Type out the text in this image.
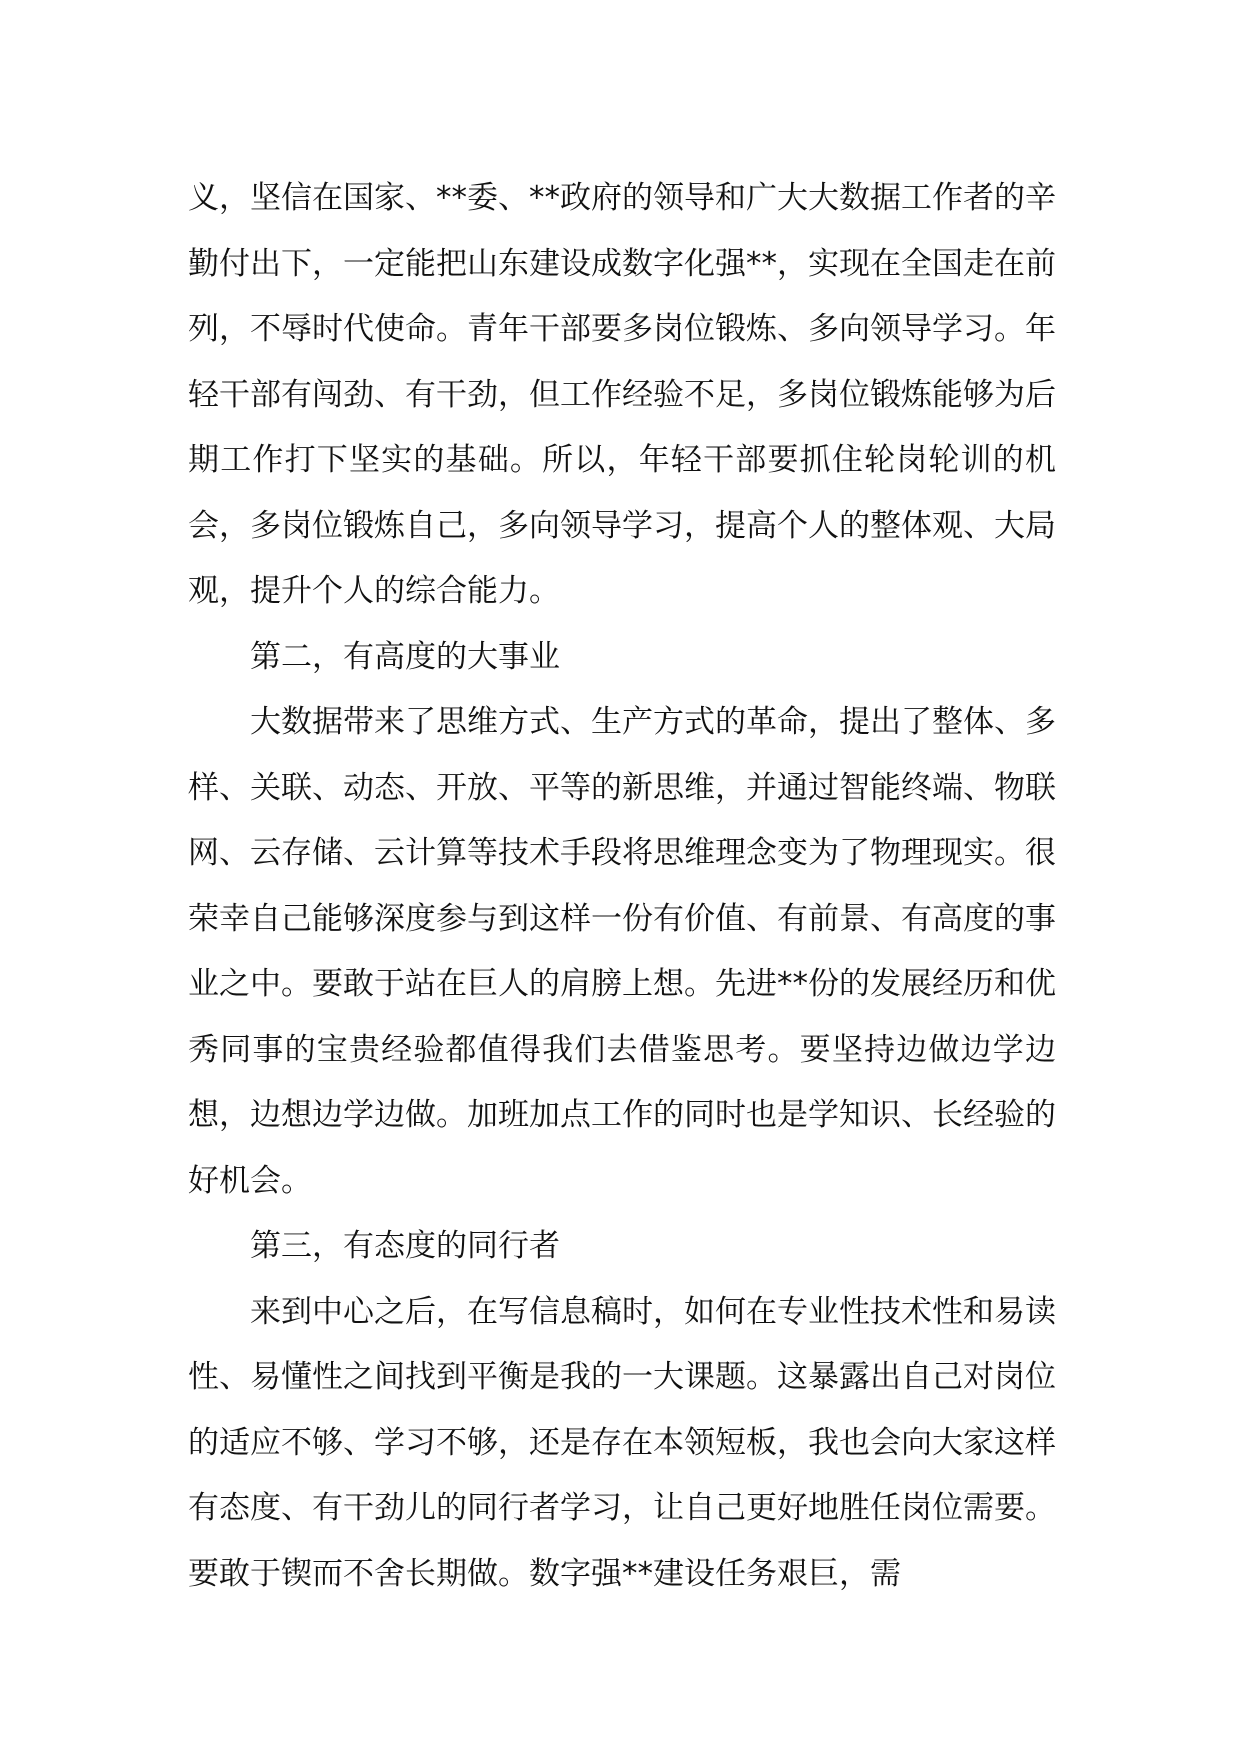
义，坚信在国家、**委、**政府的领导和广大大数据工作者的辛勤付出下，一定能把山东建设成数字化强**，实现在全国走在前列，不辱时代使命。青年干部要多岗位锻炼、多向领导学习。年轻干部有闯劲、有干劲，但工作经验不足，多岗位锻炼能够为后期工作打下坚实的基础。所以，年轻干部要抓住轮岗轮训的机会，多岗位锻炼自己，多向领导学习，提高个人的整体观、大局观，提升个人的综合能力。

第二，有高度的大事业

大数据带来了思维方式、生产方式的革命，提出了整体、多样、关联、动态、开放、平等的新思维，并通过智能终端、物联网、云存储、云计算等技术手段将思维理念变为了物理现实。很荣幸自己能够深度参与到这样一份有价值、有前景、有高度的事业之中。要敢于站在巨人的肩膀上想。先进**份的发展经历和优秀同事的宝贵经验都值得我们去借鉴思考。要坚持边做边学边想，边想边学边做。加班加点工作的同时也是学知识、长经验的好机会。

第三，有态度的同行者

来到中心之后，在写信息稿时，如何在专业性技术性和易读性、易懂性之间找到平衡是我的一大课题。这暴露出自己对岗位的适应不够、学习不够，还是存在本领短板，我也会向大家这样有态度、有干劲儿的同行者学习，让自己更好地胜任岗位需要。要敢于锲而不舍长期做。数字强**建设任务艰巨，需
